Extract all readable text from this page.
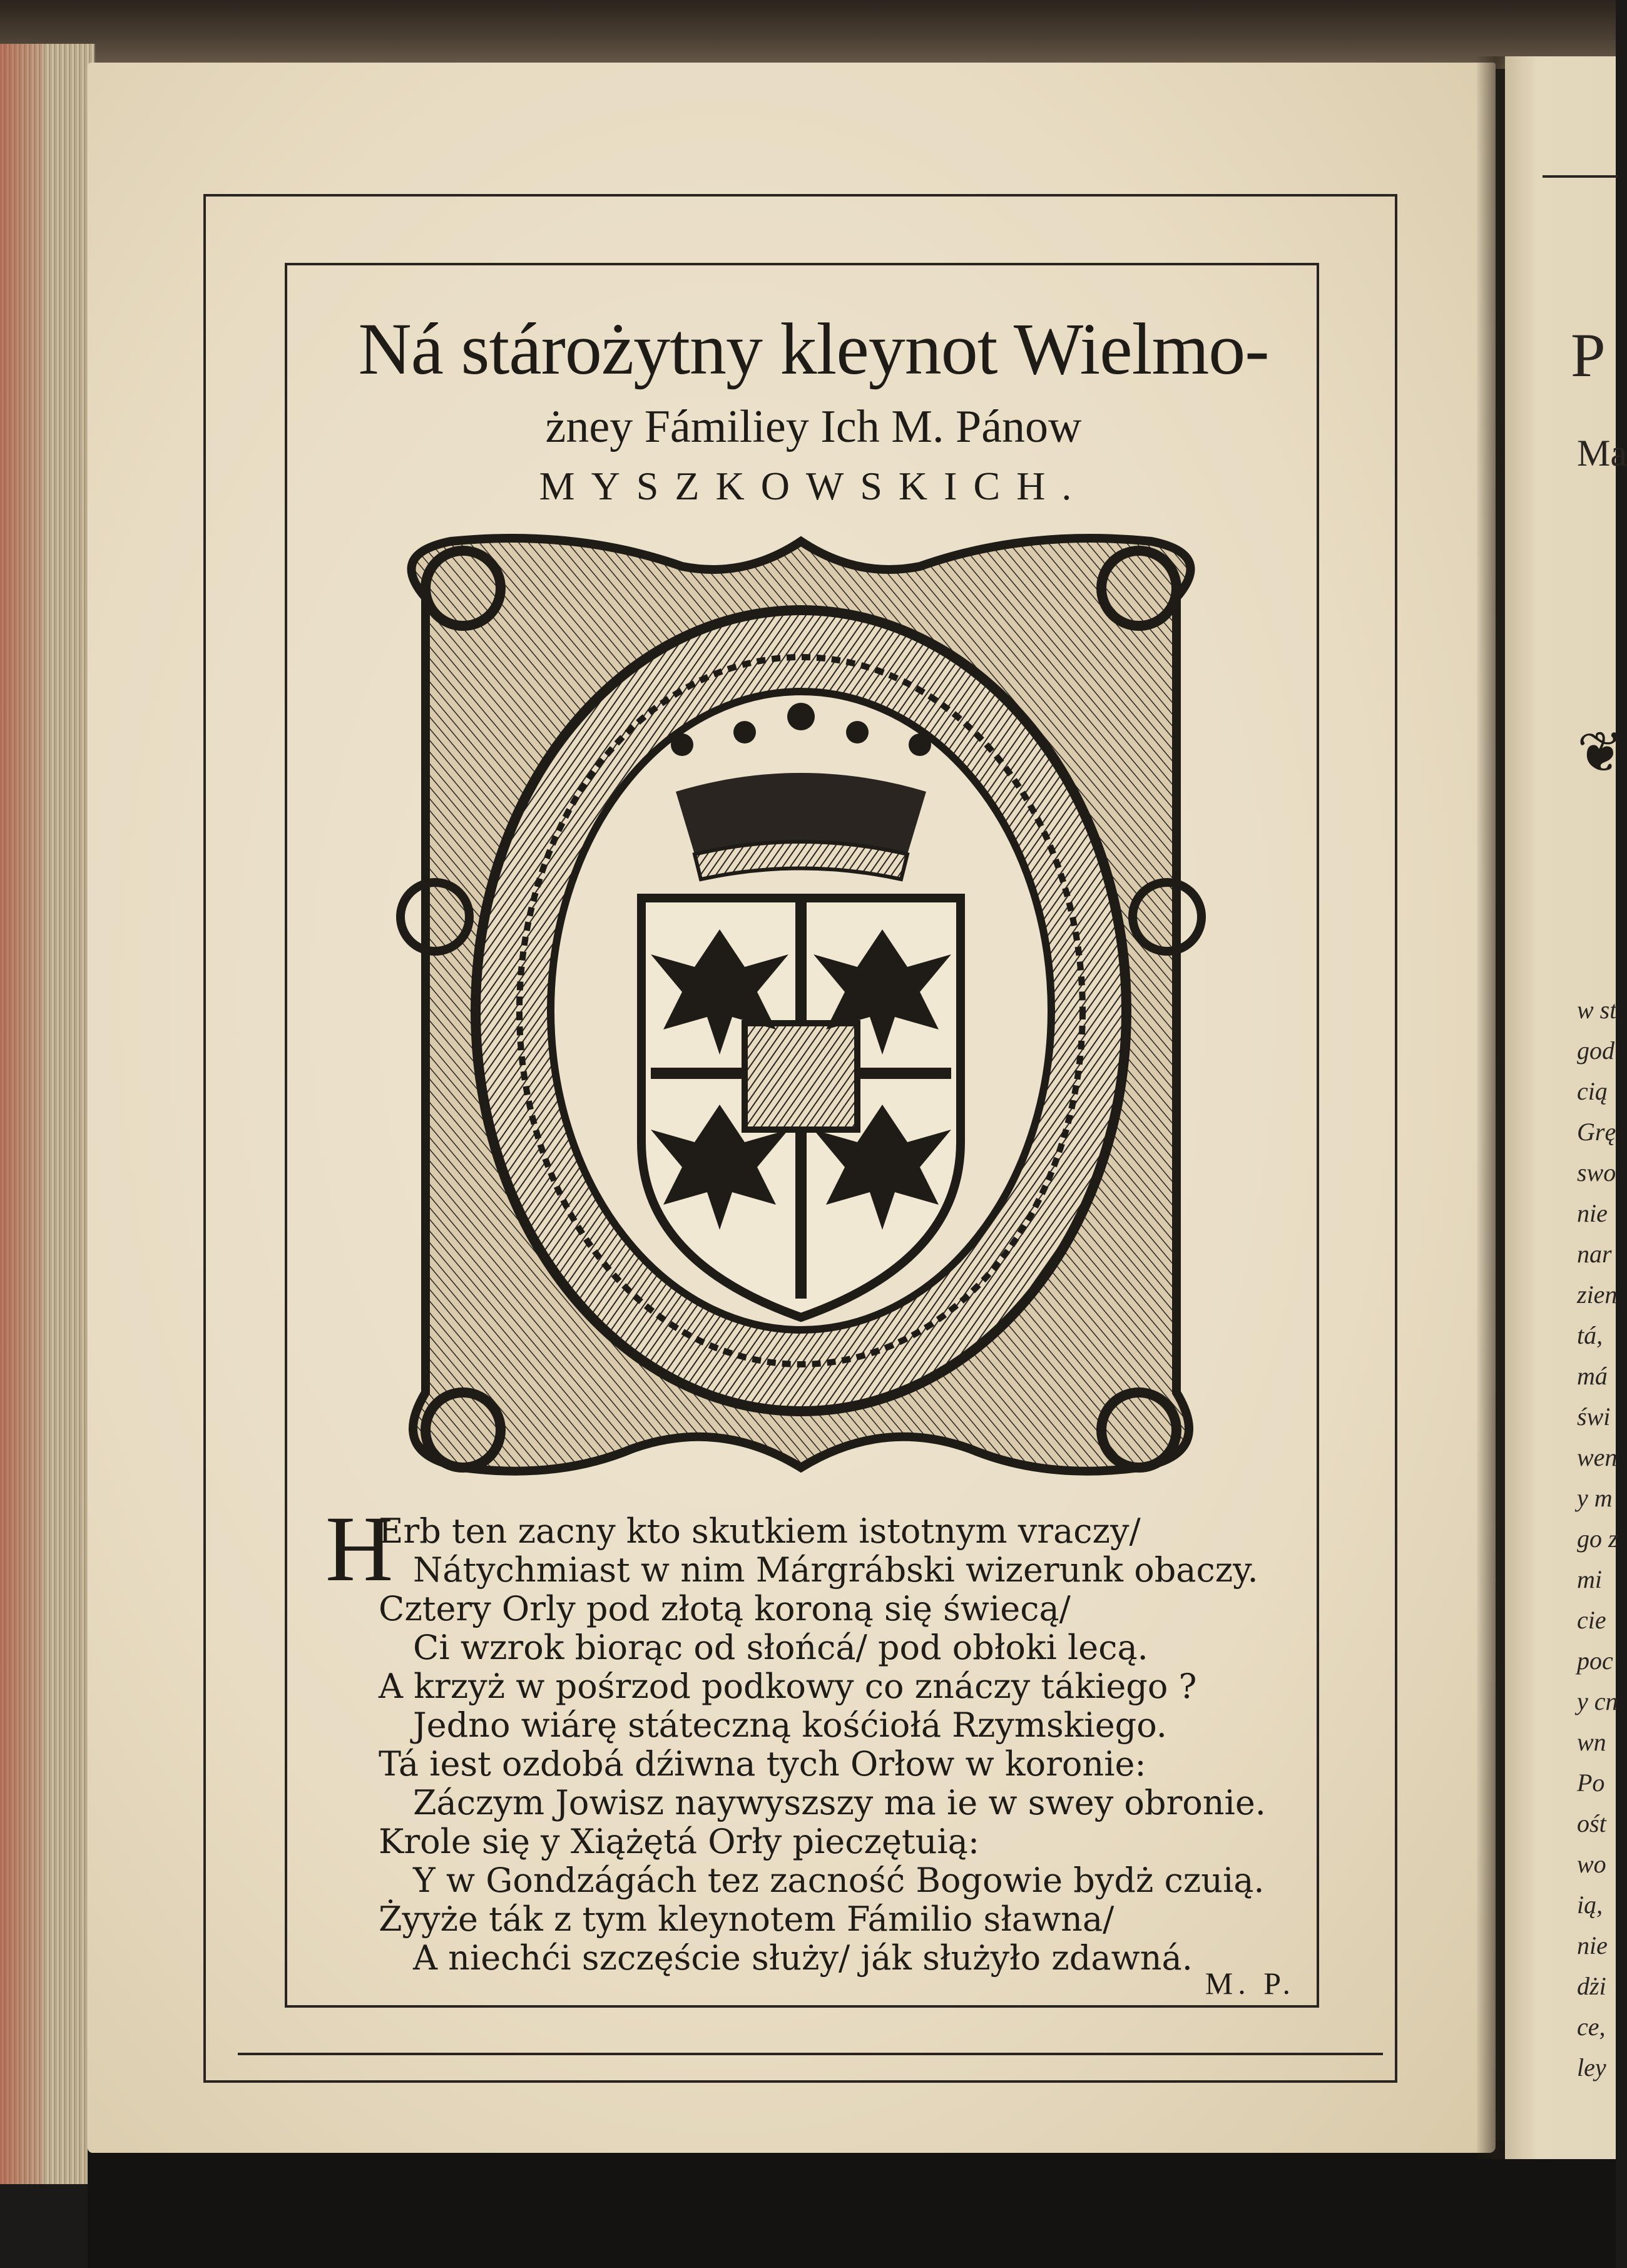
Ná stárożytny kleynot Wielmo-
żney Fámiliey Ich M. Pánow
MYSZKOWSKICH.
H
Erb ten zacny kto skutkiem istotnym vraczy/
Nátychmiast w nim Márgrábski wizerunk obaczy.
Cztery Orly pod złotą koroną się świecą/
Ci wzrok biorąc od słońcá/ pod obłoki lecą.
A krzyż w pośrzod podkowy co znáczy tákiego ?
Jedno wiárę státeczną kośćiołá Rzymskiego.
Tá iest ozdobá dźiwna tych Orłow w koronie:
Záczym Jowisz naywyszszy ma ie w swey obronie.
Krole się y Xiążętá Orły pieczętuią:
Y w Gondzágách tez zacność Bogowie bydż czuią.
Żyyże ták z tym kleynotem Fámilio sławna/
A niechći szczęście służy/ ják służyło zdawná.
M. P.
P
Ma
❦
w st
god
cią
Grę
swo
nie
nar
zien
tá,
má
świ
wen
y m
go z
mi
cie
poc
y cn
wn
Po
ośt
wo
ią,
nie
dżi
ce,
ley
